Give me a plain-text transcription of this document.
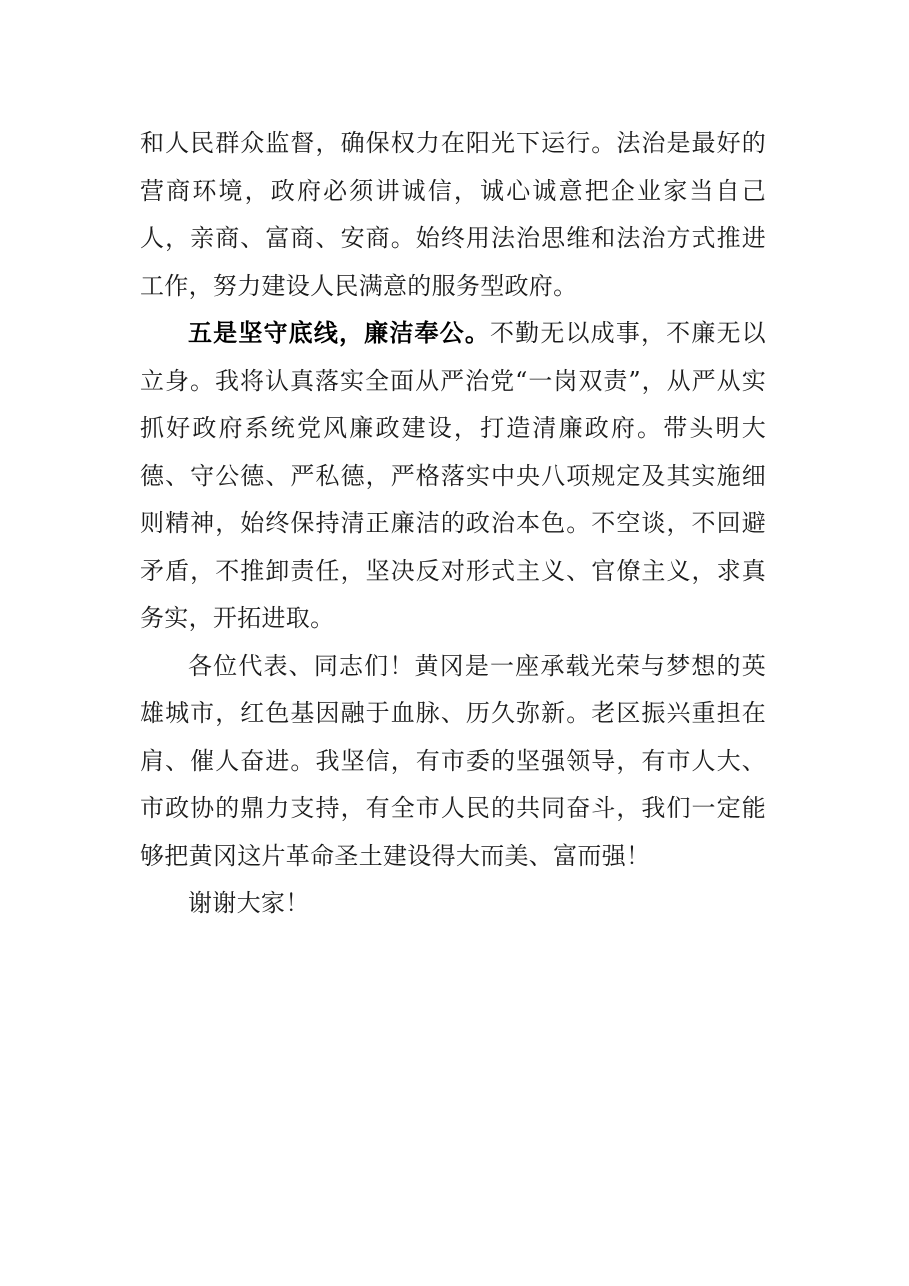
和人民群众监督，确保权力在阳光下运行。法治是最好的营商环境，政府必须讲诚信，诚心诚意把企业家当自己人，亲商、富商、安商。始终用法治思维和法治方式推进工作，努力建设人民满意的服务型政府。

五是坚守底线，廉洁奉公。不勤无以成事，不廉无以立身。我将认真落实全面从严治党“一岗双责”，从严从实抓好政府系统党风廉政建设，打造清廉政府。带头明大德、守公德、严私德，严格落实中央八项规定及其实施细则精神，始终保持清正廉洁的政治本色。不空谈，不回避矛盾，不推卸责任，坚决反对形式主义、官僚主义，求真务实，开拓进取。

各位代表、同志们！黄冈是一座承载光荣与梦想的英雄城市，红色基因融于血脉、历久弥新。老区振兴重担在肩、催人奋进。我坚信，有市委的坚强领导，有市人大、市政协的鼎力支持，有全市人民的共同奋斗，我们一定能够把黄冈这片革命圣土建设得大而美、富而强！

谢谢大家！
